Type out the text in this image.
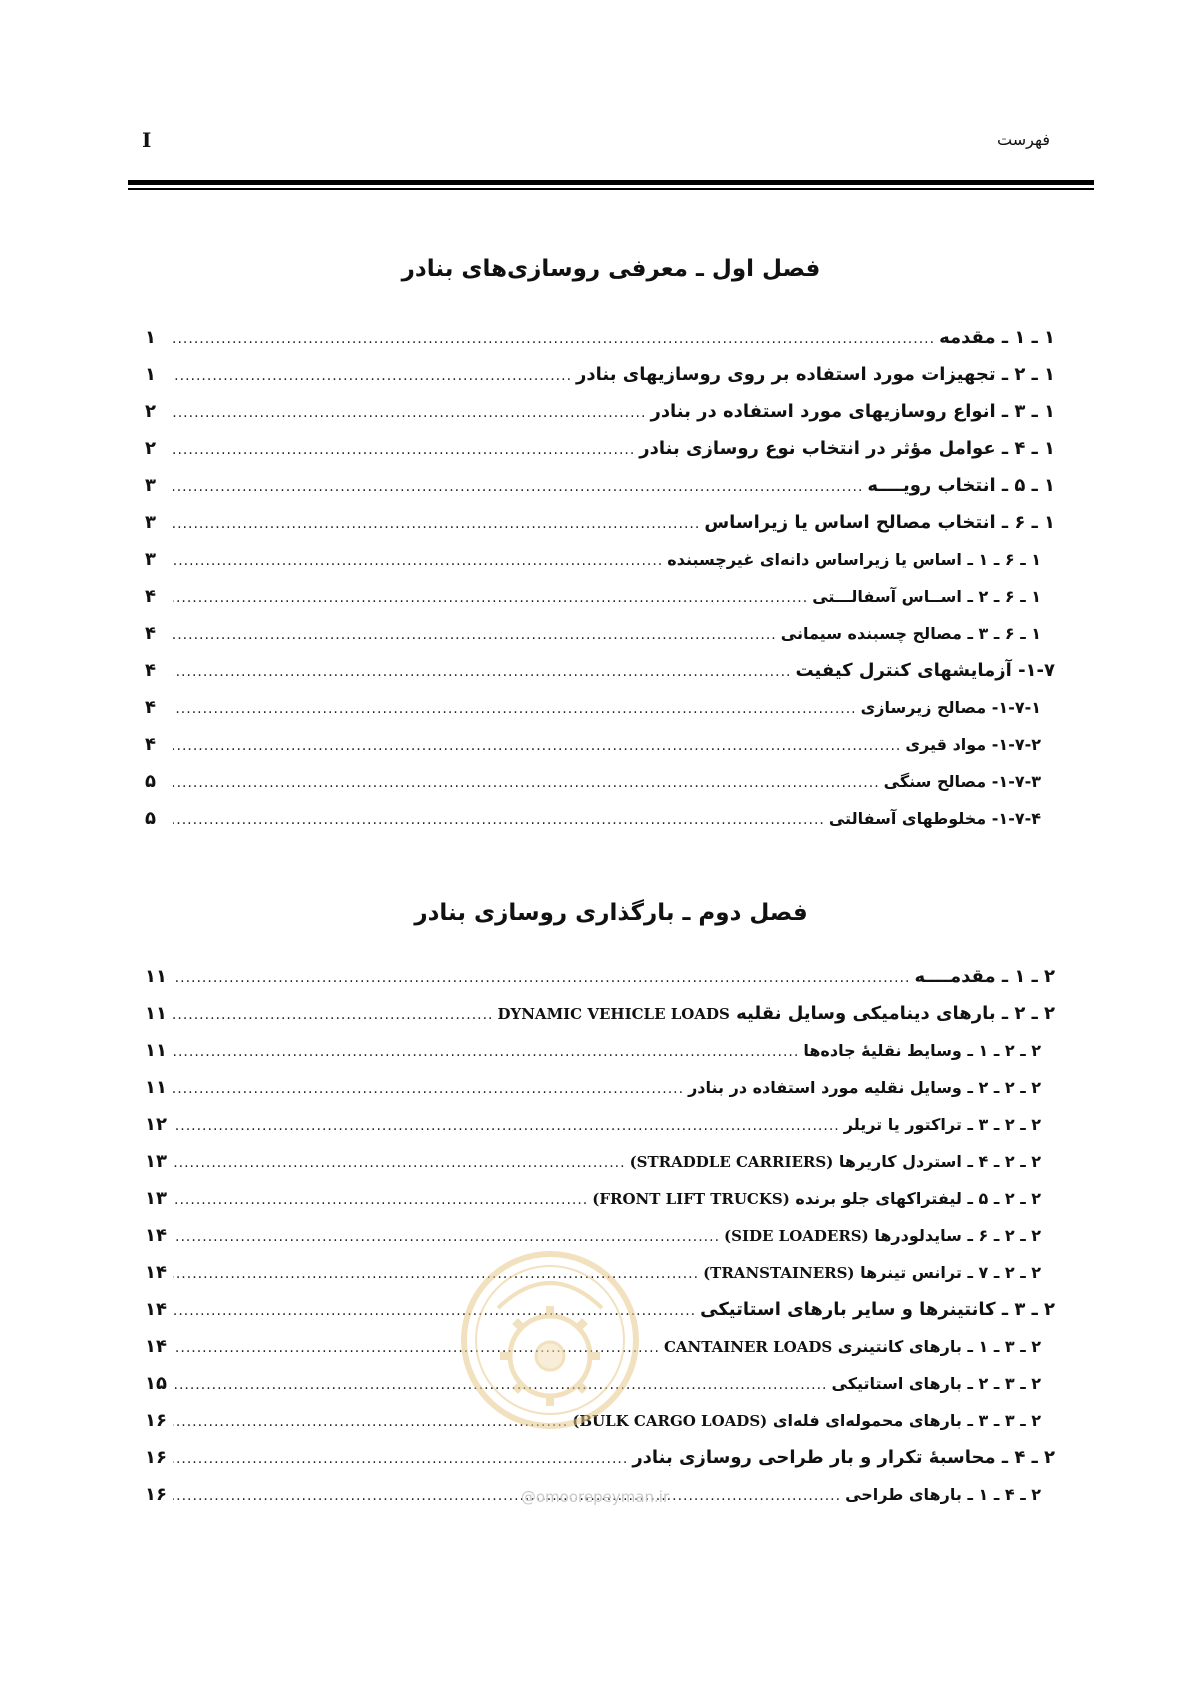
I	فهرست
فصل اول ـ معرفی روسازی‌های بنادر
۱ ـ ۱ ـ مقدمه
.....
۱
۱ ـ ۲ ـ تجهیزات مورد استفاده بر روی روسازیهای بنادر
.....
۱
۱ ـ ۳ ـ انواع روسازیهای مورد استفاده در بنادر
.....
۲
۱ ـ ۴ ـ عوامل مؤثر در انتخاب نوع روسازی بنادر
.....
۲
۱ ـ ۵ ـ انتخاب رویــــه
.....
۳
۱ ـ ۶ ـ انتخاب مصالح اساس یا زیراساس
.....
۳
۱ ـ ۶ ـ ۱ ـ اساس یا زیراساس دانه‌ای غیرچسبنده
.....
۳
۱ ـ ۶ ـ ۲ ـ اســاس آسفالـــتی
.....
۴
۱ ـ ۶ ـ ۳ ـ مصالح چسبنده سیمانی
.....
۴
۱-۷- آزمایشهای کنترل کیفیت
.....
۴
۱-۷-۱- مصالح زیرسازی
.....
۴
۱-۷-۲- مواد قیری
.....
۴
۱-۷-۳- مصالح سنگی
.....
۵
۱-۷-۴- مخلوطهای آسفالتی
.....
۵
فصل دوم ـ بارگذاری روسازی بنادر
۲ ـ ۱ ـ مقدمــــه
.....
۱۱
۲ ـ ۲ ـ بارهای دینامیکی وسایل نقلیه DYNAMIC VEHICLE LOADS
.....
۱۱
۲ ـ ۲ ـ ۱ ـ وسایط نقلیهٔ جاده‌ها
.....
۱۱
۲ ـ ۲ ـ ۲ ـ وسایل نقلیه مورد استفاده در بنادر
.....
۱۱
۲ ـ ۲ ـ ۳ ـ تراکتور یا تریلر
.....
۱۲
۲ ـ ۲ ـ ۴ ـ استردل کاریرها (STRADDLE CARRIERS)
.....
۱۳
۲ ـ ۲ ـ ۵ ـ لیفتراکهای جلو برنده (FRONT LIFT TRUCKS)
.....
۱۳
۲ ـ ۲ ـ ۶ ـ سایدلودرها (SIDE LOADERS)
.....
۱۴
۲ ـ ۲ ـ ۷ ـ ترانس تینرها (TRANSTAINERS)
.....
۱۴
۲ ـ ۳ ـ کانتینرها و سایر بارهای استاتیکی
.....
۱۴
۲ ـ ۳ ـ ۱ ـ بارهای کانتینری CANTAINER LOADS
.....
۱۴
۲ ـ ۳ ـ ۲ ـ بارهای استاتیکی
.....
۱۵
۲ ـ ۳ ـ ۳ ـ بارهای محموله‌ای فله‌ای (BULK CARGO LOADS)
.....
۱۶
۲ ـ ۴ ـ محاسبهٔ تکرار و بار طراحی روسازی بنادر
.....
۱۶
۲ ـ ۴ ـ ۱ ـ بارهای طراحی
.....
۱۶	@omoorepeyman.ir
